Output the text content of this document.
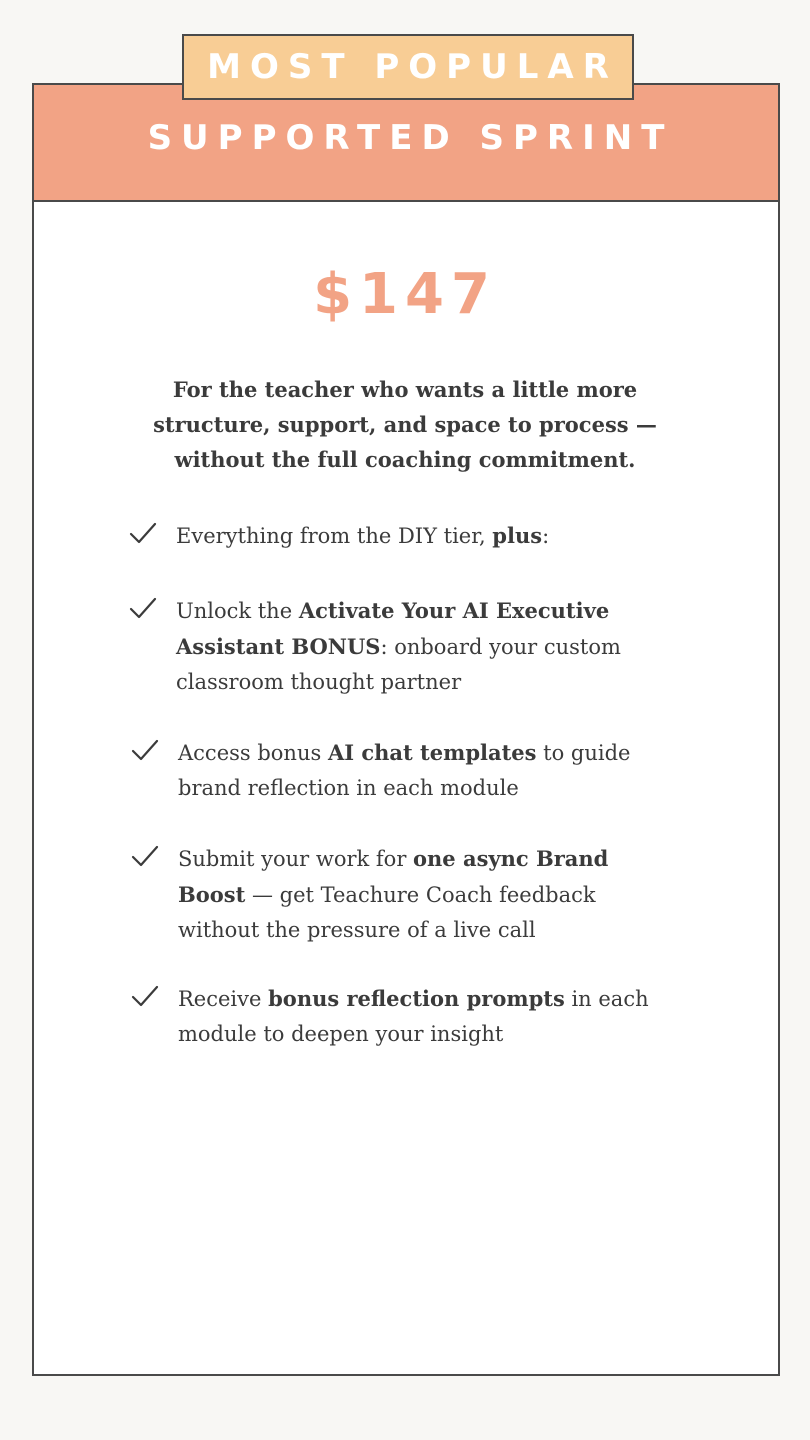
MOST POPULAR
SUPPORTED SPRINT
$147
For the teacher who wants a little more structure, support, and space to process — without the full coaching commitment.
Everything from the DIY tier, plus:
Unlock the Activate Your AI Executive Assistant BONUS: onboard your custom classroom thought partner
Access bonus AI chat templates to guide brand reflection in each module
Submit your work for one async Brand Boost — get Teachure Coach feedback without the pressure of a live call
Receive bonus reflection prompts in each module to deepen your insight
